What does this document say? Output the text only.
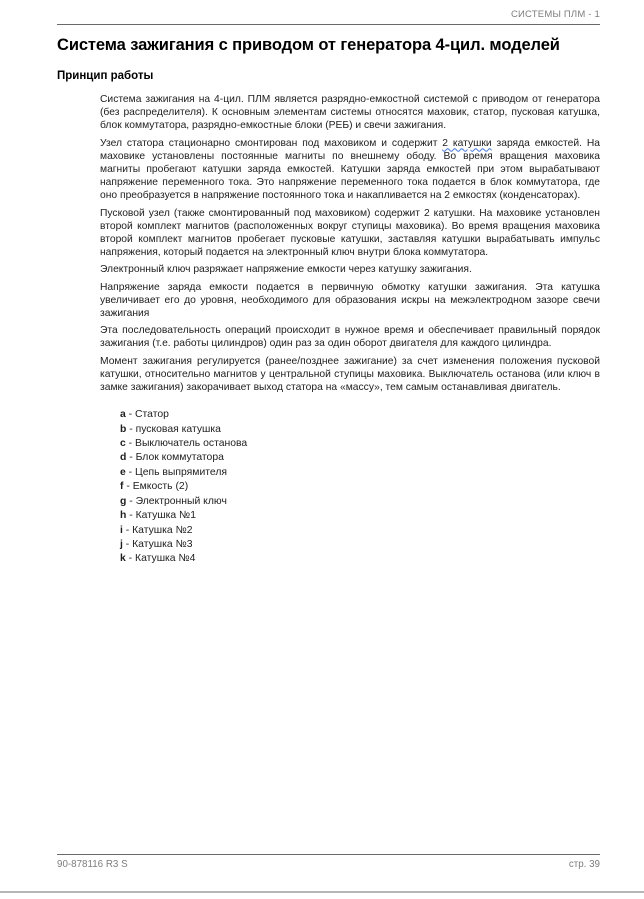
СИСТЕМЫ ПЛМ - 1
Система зажигания с приводом от генератора 4-цил. моделей
Принцип работы

Система зажигания на 4-цил. ПЛМ является разрядно-емкостной системой с приводом от генератора (без распределителя). К основным элементам системы относятся маховик, статор, пусковая катушка, блок коммутатора, разрядно-емкостные блоки (РЕБ) и свечи зажигания.

Узел статора стационарно смонтирован под маховиком и содержит 2 катушки заряда емкостей. На маховике установлены постоянные магниты по внешнему ободу. Во время вращения маховика магниты пробегают катушки заряда емкостей. Катушки заряда емкостей при этом вырабатывают напряжение переменного тока. Это напряжение переменного тока подается в блок коммутатора, где оно преобразуется в напряжение постоянного тока и накапливается на 2 емкостях (конденсаторах).

Пусковой узел (также смонтированный под маховиком) содержит 2 катушки. На маховике установлен второй комплект магнитов (расположенных вокруг ступицы маховика). Во время вращения маховика второй комплект магнитов пробегает пусковые катушки, заставляя катушки вырабатывать импульс напряжения, который подается на электронный ключ внутри блока коммутатора.

Электронный ключ разряжает напряжение емкости через катушку зажигания.

Напряжение заряда емкости подается в первичную обмотку катушки зажигания. Эта катушка увеличивает его до уровня, необходимого для образования искры на межэлектродном зазоре свечи зажигания

Эта последовательность операций происходит в нужное время и обеспечивает правильный порядок зажигания (т.е. работы цилиндров) один раз за один оборот двигателя для каждого цилиндра.

Момент зажигания регулируется (ранее/позднее зажигание) за счет изменения положения пусковой катушки, относительно магнитов у центральной ступицы маховика. Выключатель останова (или ключ в замке зажигания) закорачивает выход статора на «массу», тем самым останавливая двигатель.

a - Статор
b - пусковая катушка
c - Выключатель останова
d - Блок коммутатора
e - Цепь выпрямителя
f - Емкость (2)
g - Электронный ключ
h - Катушка №1
i - Катушка №2
j - Катушка №3
k - Катушка №4
90-878116 R3 S	стр. 39
